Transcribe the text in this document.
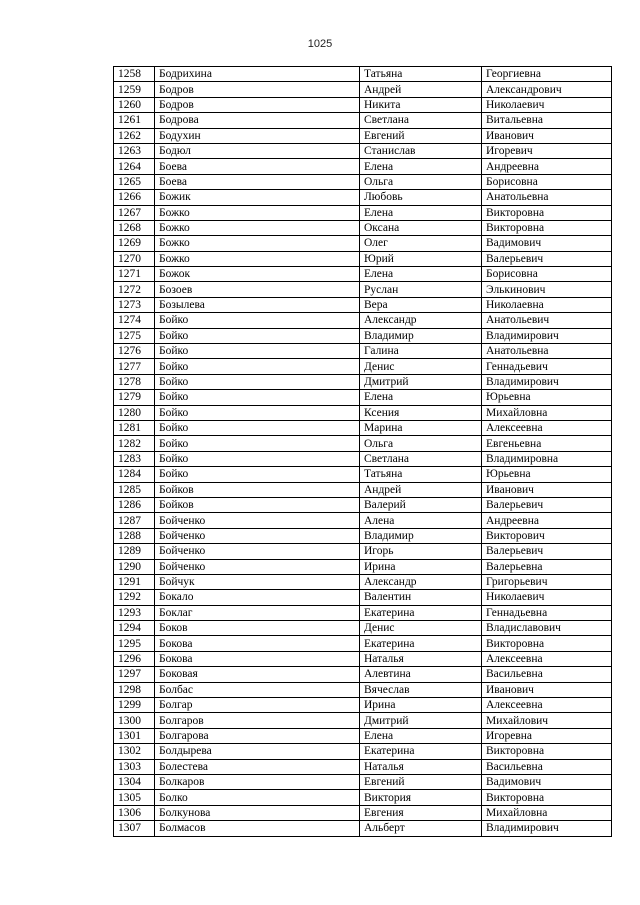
1025
1258	Бодрихина	Татьяна	Георгиевна
1259	Бодров	Андрей	Александрович
1260	Бодров	Никита	Николаевич
1261	Бодрова	Светлана	Витальевна
1262	Бодухин	Евгений	Иванович
1263	Бодюл	Станислав	Игоревич
1264	Боева	Елена	Андреевна
1265	Боева	Ольга	Борисовна
1266	Божик	Любовь	Анатольевна
1267	Божко	Елена	Викторовна
1268	Божко	Оксана	Викторовна
1269	Божко	Олег	Вадимович
1270	Божко	Юрий	Валерьевич
1271	Божок	Елена	Борисовна
1272	Бозоев	Руслан	Элькинович
1273	Бозылева	Вера	Николаевна
1274	Бойко	Александр	Анатольевич
1275	Бойко	Владимир	Владимирович
1276	Бойко	Галина	Анатольевна
1277	Бойко	Денис	Геннадьевич
1278	Бойко	Дмитрий	Владимирович
1279	Бойко	Елена	Юрьевна
1280	Бойко	Ксения	Михайловна
1281	Бойко	Марина	Алексеевна
1282	Бойко	Ольга	Евгеньевна
1283	Бойко	Светлана	Владимировна
1284	Бойко	Татьяна	Юрьевна
1285	Бойков	Андрей	Иванович
1286	Бойков	Валерий	Валерьевич
1287	Бойченко	Алена	Андреевна
1288	Бойченко	Владимир	Викторович
1289	Бойченко	Игорь	Валерьевич
1290	Бойченко	Ирина	Валерьевна
1291	Бойчук	Александр	Григорьевич
1292	Бокало	Валентин	Николаевич
1293	Боклаг	Екатерина	Геннадьевна
1294	Боков	Денис	Владиславович
1295	Бокова	Екатерина	Викторовна
1296	Бокова	Наталья	Алексеевна
1297	Боковая	Алевтина	Васильевна
1298	Болбас	Вячеслав	Иванович
1299	Болгар	Ирина	Алексеевна
1300	Болгаров	Дмитрий	Михайлович
1301	Болгарова	Елена	Игоревна
1302	Болдырева	Екатерина	Викторовна
1303	Болестева	Наталья	Васильевна
1304	Болкаров	Евгений	Вадимович
1305	Болко	Виктория	Викторовна
1306	Болкунова	Евгения	Михайловна
1307	Болмасов	Альберт	Владимирович
